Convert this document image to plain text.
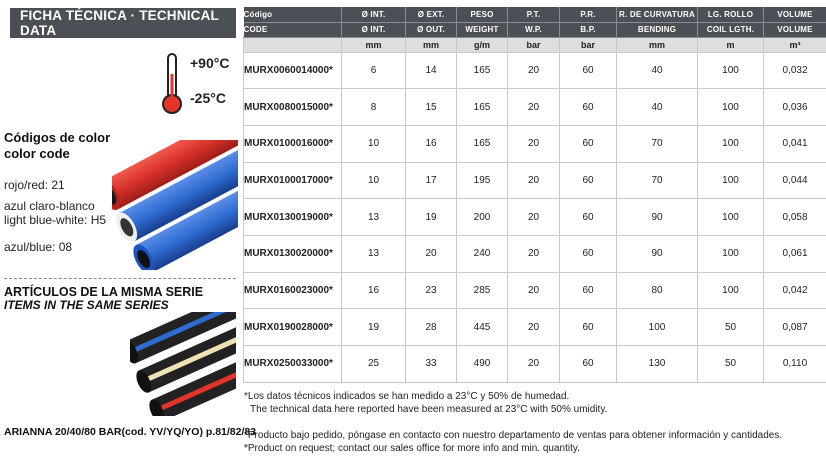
FICHA TÉCNICA · TECHNICAL DATA
+90°C
-25°C
Códigos de color
color code
rojo/red: 21
azul claro-blanco
light blue-white: H5
azul/blue: 08
ARTÍCULOS DE LA MISMA SERIE
ITEMS IN THE SAME SERIES
ARIANNA 20/40/80 BAR(cod. YV/YQ/YO) p.81/82/83
Código	Ø INT.	Ø EXT.	PESO	P.T.	P.R.	R. DE CURVATURA	LG. ROLLO	VOLUME
CODE	Ø INT.	Ø OUT.	WEIGHT	W.P.	B.P.	BENDING	COIL LGTH.	VOLUME
	mm	mm	g/m	bar	bar	mm	m	m³
MURX0060014000*	6	14	165	20	60	40	100	0,032
MURX0080015000*	8	15	165	20	60	40	100	0,036
MURX0100016000*	10	16	165	20	60	70	100	0,041
MURX0100017000*	10	17	195	20	60	70	100	0,044
MURX0130019000*	13	19	200	20	60	90	100	0,058
MURX0130020000*	13	20	240	20	60	90	100	0,061
MURX0160023000*	16	23	285	20	60	80	100	0,042
MURX0190028000*	19	28	445	20	60	100	50	0,087
MURX0250033000*	25	33	490	20	60	130	50	0,110
*Los datos técnicos indicados se han medido a 23°C y 50% de humedad.
The technical data here reported have been measured at 23°C with 50% umidity.
*Producto bajo pedido, póngase en contacto con nuestro departamento de ventas para obtener información y cantidades.
*Product on request; contact our sales office for more info and min. quantity.
